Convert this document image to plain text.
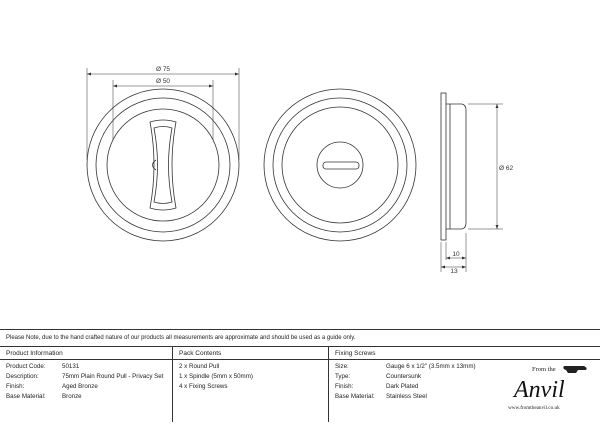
Ø 75
Ø 50
Ø 62
10
13
Please Note, due to the hand crafted nature of our products all measurements are approximate and should be used as a guide only.
Product Information
Product Code:	50131
Description:	75mm Plain Round Pull - Privacy Set
Finish:	Aged Bronze
Base Material:	Bronze
Pack Contents
2 x Round Pull
1 x Spindle (5mm x 50mm)
4 x Fixing Screws
Fixing Screws
Size:	Gauge 6 x 1/2" (3.5mm x 13mm)
Type:	Countersunk
Finish:	Dark Plated
Base Material: Stainless Steel
From the
Anvil
www.fromtheanvil.co.uk
